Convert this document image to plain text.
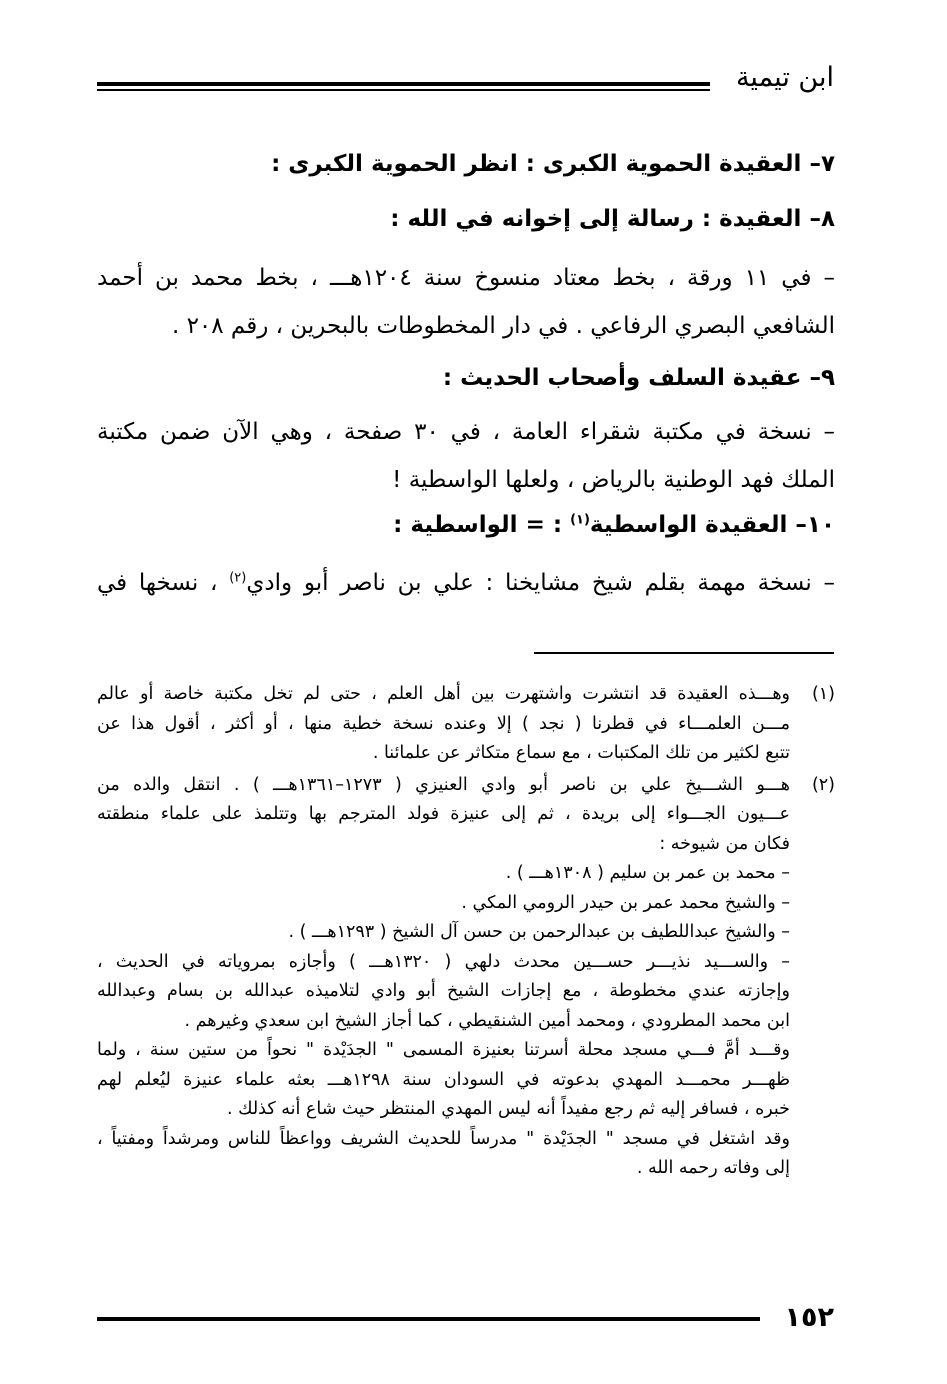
ابن تيمية
٧– العقيدة الحموية الكبرى : انظر الحموية الكبرى :
٨– العقيدة : رسالة إلى إخوانه في الله :
– في ١١ ورقة ، بخط معتاد منسوخ سنة ١٢٠٤هـــ ، بخط محمد بن أحمد
الشافعي البصري الرفاعي . في دار المخطوطات بالبحرين ، رقم ٢٠٨ .
٩– عقيدة السلف وأصحاب الحديث :
– نسخة في مكتبة شقراء العامة ، في ٣٠ صفحة ، وهي الآن ضمن مكتبة
الملك فهد الوطنية بالرياض ، ولعلها الواسطية !
١٠– العقيدة الواسطية$^{(١)}$ : = الواسطية :
– نسخة مهمة بقلم شيخ مشايخنا : علي بن ناصر أبو وادي$^{(٢)}$ ، نسخها في
(١)
وهـــذه العقيدة قد انتشرت واشتهرت بين أهل العلم ، حتى لم تخل مكتبة خاصة أو عالم
مـــن العلمـــاء في قطرنا ( نجد ) إلا وعنده نسخة خطية منها ، أو أكثر ، أقول هذا عن
تتبع لكثير من تلك المكتبات ، مع سماع متكاثر عن علمائنا .
(٢)
هـــو الشـــيخ علي بن ناصر أبو وادي العنيزي ( ١٢٧٣–١٣٦١هـــ ) . انتقل والده من
عـــيون الجـــواء إلى بريدة ، ثم إلى عنيزة فولد المترجم بها وتتلمذ على علماء منطقته
فكان من شيوخه :
– محمد بن عمر بن سليم ( ١٣٠٨هـــ ) .
– والشيخ محمد عمر بن حيدر الرومي المكي .
– والشيخ عبداللطيف بن عبدالرحمن بن حسن آل الشيخ ( ١٢٩٣هـــ ) .
– والســـيد نذيـــر حســـين محدث دلهي ( ١٣٢٠هـــ ) وأجازه بمروياته في الحديث ،
وإجازته عندي مخطوطة ، مع إجازات الشيخ أبو وادي لتلاميذه عبدالله بن بسام وعبدالله
ابن محمد المطرودي ، ومحمد أمين الشنقيطي ، كما أجاز الشيخ ابن سعدي وغيرهم .
وقـــد أمَّ فـــي مسجد محلة أسرتنا بعنيزة المسمى " الجدَيْدة " نحواً من ستين سنة ، ولما
ظهـــر محمـــد المهدي بدعوته في السودان سنة ١٢٩٨هـــ بعثه علماء عنيزة ليُعلم لهم
خبره ، فسافر إليه ثم رجع مفيداً أنه ليس المهدي المنتظر حيث شاع أنه كذلك .
وقد اشتغل في مسجد " الجدَيْدة " مدرساً للحديث الشريف وواعظاً للناس ومرشداً ومفتياً ،
إلى وفاته رحمه الله .
١٥٢
